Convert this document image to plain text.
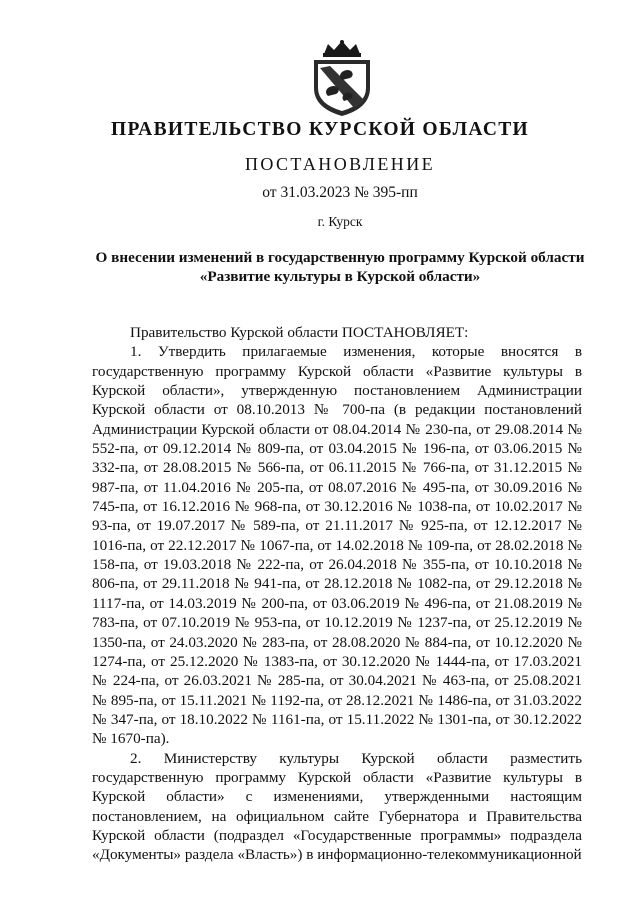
ПРАВИТЕЛЬСТВО КУРСКОЙ ОБЛАСТИ
ПОСТАНОВЛЕНИЕ
от 31.03.2023 № 395-пп
г. Курск
О внесении изменений в государственную программу Курской области
«Развитие культуры в Курской области»

Правительство Курской области ПОСТАНОВЛЯЕТ:

1. Утвердить прилагаемые изменения, которые вносятся в государственную программу Курской области «Развитие культуры в Курской области», утвержденную постановлением Администрации Курской области от 08.10.2013 № 700-па (в редакции постановлений Администрации Курской области от 08.04.2014 № 230-па, от 29.08.2014 № 552-па, от 09.12.2014 № 809-па, от 03.04.2015 № 196-па, от 03.06.2015 № 332-па, от 28.08.2015 № 566-па, от 06.11.2015 № 766-па, от 31.12.2015 № 987-па, от 11.04.2016 № 205-па, от 08.07.2016 № 495-па, от 30.09.2016 № 745-па, от 16.12.2016 № 968-па, от 30.12.2016 № 1038-па, от 10.02.2017 № 93-па, от 19.07.2017 № 589-па, от 21.11.2017 № 925-па, от 12.12.2017 № 1016-па, от 22.12.2017 № 1067-па, от 14.02.2018 № 109-па, от 28.02.2018 № 158-па, от 19.03.2018 № 222-па, от 26.04.2018 № 355-па, от 10.10.2018 № 806-па, от 29.11.2018 № 941-па, от 28.12.2018 № 1082-па, от 29.12.2018 № 1117-па, от 14.03.2019 № 200-па, от 03.06.2019 № 496-па, от 21.08.2019 № 783-па, от 07.10.2019 № 953-па, от 10.12.2019 № 1237-па, от 25.12.2019 № 1350-па, от 24.03.2020 № 283-па, от 28.08.2020 № 884-па, от 10.12.2020 № 1274-па, от 25.12.2020 № 1383-па, от 30.12.2020 № 1444-па, от 17.03.2021 № 224-па, от 26.03.2021 № 285-па, от 30.04.2021 № 463-па, от 25.08.2021 № 895-па, от 15.11.2021 № 1192-па, от 28.12.2021 № 1486-па, от 31.03.2022 № 347-па, от 18.10.2022 № 1161-па, от 15.11.2022 № 1301-па, от 30.12.2022 № 1670-па).

2. Министерству культуры Курской области разместить государственную программу Курской области «Развитие культуры в Курской области» с изменениями, утвержденными настоящим постановлением, на официальном сайте Губернатора и Правительства Курской области (подраздел «Государственные программы» подраздела «Документы» раздела «Власть») в информационно-телекоммуникационной
